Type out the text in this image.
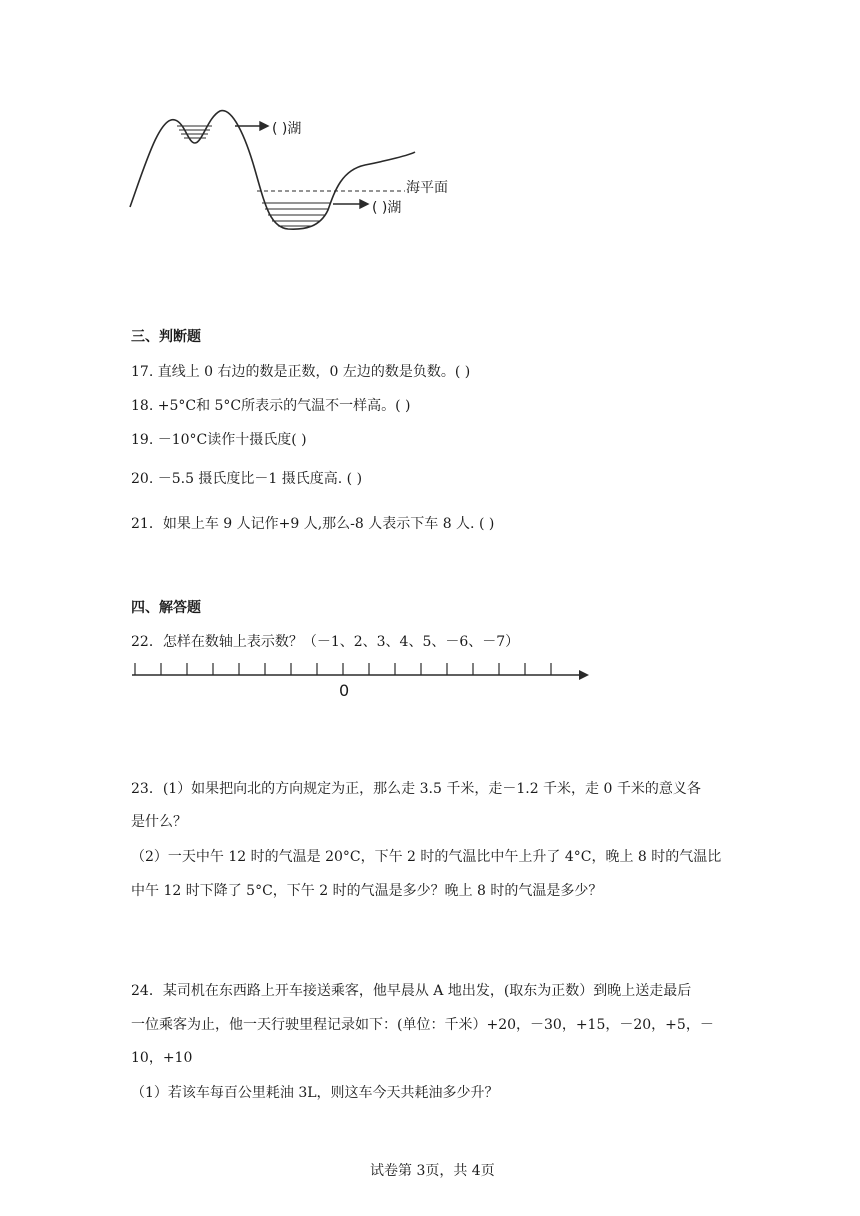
( )湖
海平面
( )湖
三、判断题
17. 直线上 0 右边的数是正数，0 左边的数是负数。( )
18. +5°C和 5°C所表示的气温不一样高。( )
19. －10°C读作十摄氏度( )
20. －5.5 摄氏度比－1 摄氏度高. ( )
21．如果上车 9 人记作+9 人,那么-8 人表示下车 8 人. ( )
四、解答题
22．怎样在数轴上表示数？（－1、2、3、4、5、－6、－7）
0
23．(1）如果把向北的方向规定为正，那么走 3.5 千米，走－1.2 千米，走 0 千米的意义各
是什么？
（2）一天中午 12 时的气温是 20°C，下午 2 时的气温比中午上升了 4°C，晚上 8 时的气温比
中午 12 时下降了 5°C，下午 2 时的气温是多少？晚上 8 时的气温是多少？
24．某司机在东西路上开车接送乘客，他早晨从 A 地出发，(取东为正数）到晚上送走最后
一位乘客为止，他一天行驶里程记录如下：(单位：千米）+20，－30，+15，－20，+5，－
10，+10
（1）若该车每百公里耗油 3L，则这车今天共耗油多少升？
试卷第 3页，共 4页
